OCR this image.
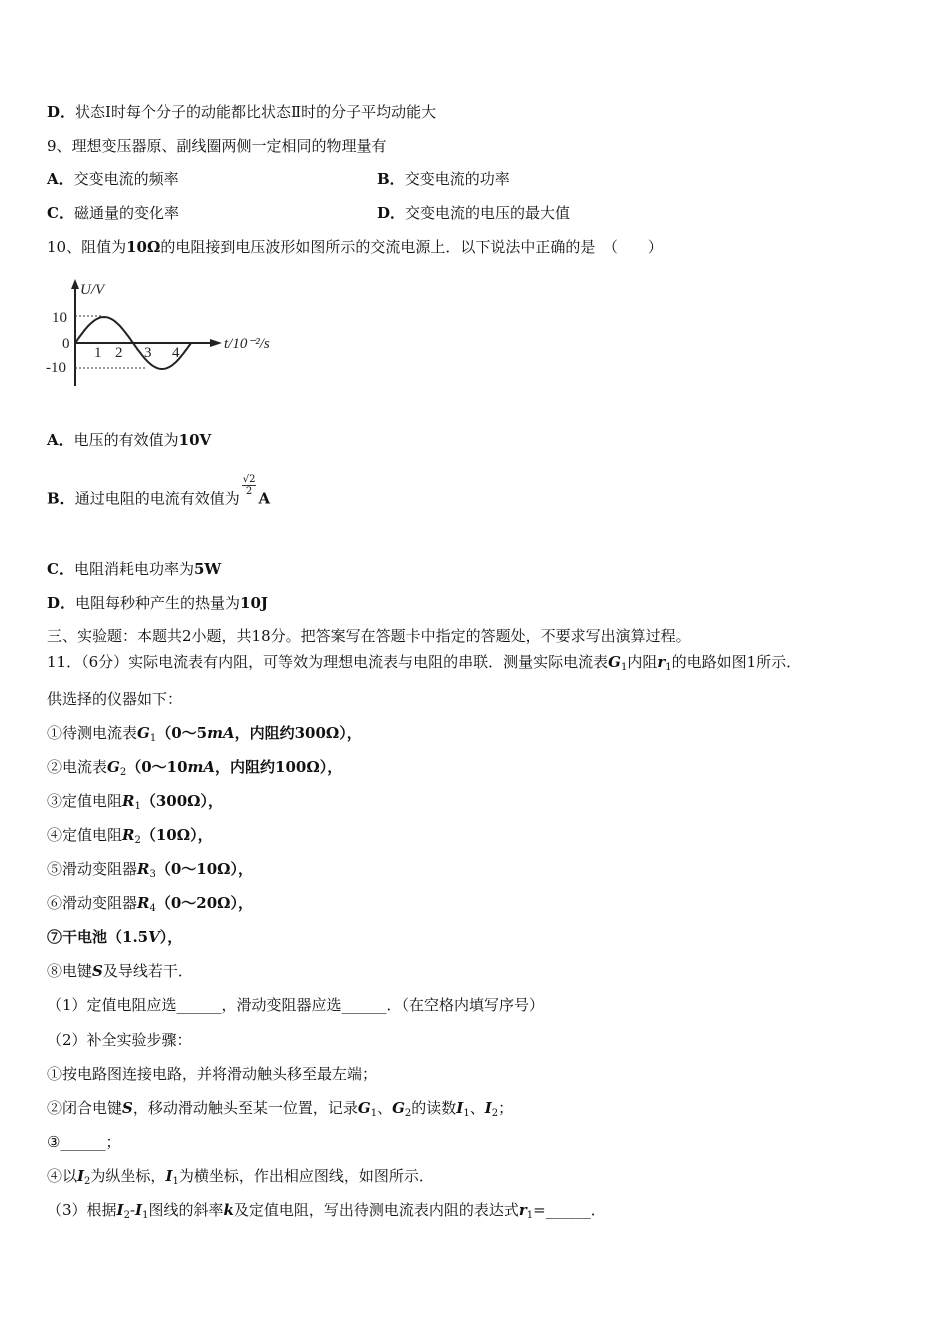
D．状态Ⅰ时每个分子的动能都比状态Ⅱ时的分子平均动能大
9、理想变压器原、副线圈两侧一定相同的物理量有
A．交变电流的频率	B．交变电流的功率
C．磁通量的变化率	D．交变电流的电压的最大值
10、阻值为10Ω的电阻接到电压波形如图所示的交流电源上．以下说法中正确的是　（　　）
A．电压的有效值为10V
B．通过电阻的电流有效值为
$\frac{√2}{2}$
A
C．电阻消耗电功率为5W
D．电阻每秒种产生的热量为10J
三、实验题：本题共2小题，共18分。把答案写在答题卡中指定的答题处，不要求写出演算过程。
11．（6分）实际电流表有内阻，可等效为理想电流表与电阻的串联．测量实际电流表$G_1$内阻$r_1$的电路如图1所示．
供选择的仪器如下：
①待测电流表$G_1(0\sim 5mA$，内阻约300Ω），
②电流表$G_2(0\sim 10mA$，内阻约100Ω），
③定值电阻$R_1(300\Omega)$，
④定值电阻$R_2(10\Omega)$，
⑤滑动变阻器$R_3(0\sim 10\Omega)$，
⑥滑动变阻器$R_4(0\sim 20\Omega)$，
⑦干电池（1.5V），
⑧电键S及导线若干．
（1）定值电阻应选______，滑动变阻器应选______．（在空格内填写序号）
（2）补全实验步骤：
①按电路图连接电路，并将滑动触头移至最左端；
②闭合电键S，移动滑动触头至某一位置，记录$G_1$、$G_2$的读数$I_1$、$I_2$；
③______；
④以$I_2$为纵坐标，$I_1$为横坐标，作出相应图线，如图所示．
（3）根据$I_2-I_1$图线的斜率k及定值电阻，写出待测电流表内阻的表达式$r_1=\_\_\_\_\_\_$．
U/V
10
0
-10
1 2 3 4
t/10⁻²/s
